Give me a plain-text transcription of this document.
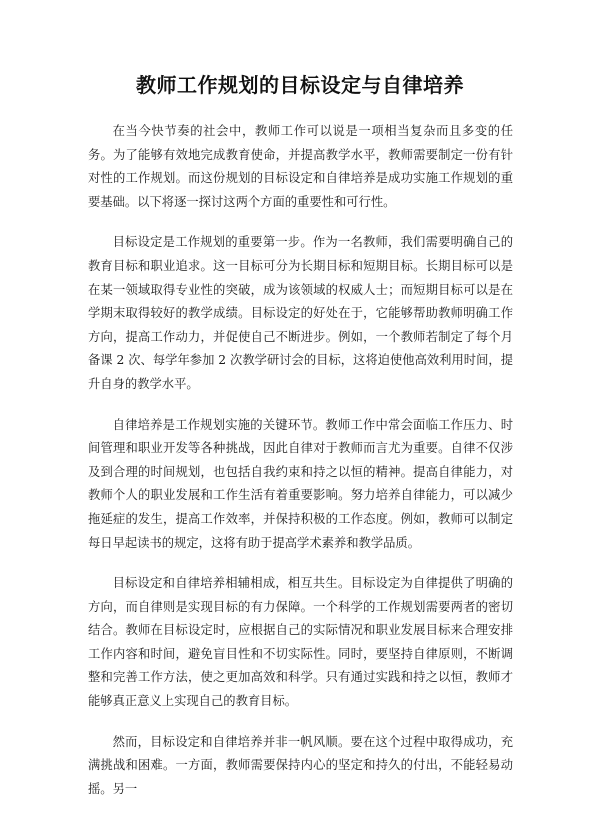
教师工作规划的目标设定与自律培养

在当今快节奏的社会中，教师工作可以说是一项相当复杂而且多变的任务。为了能够有效地完成教育使命，并提高教学水平，教师需要制定一份有针对性的工作规划。而这份规划的目标设定和自律培养是成功实施工作规划的重要基础。以下将逐一探讨这两个方面的重要性和可行性。

目标设定是工作规划的重要第一步。作为一名教师，我们需要明确自己的教育目标和职业追求。这一目标可分为长期目标和短期目标。长期目标可以是在某一领域取得专业性的突破，成为该领域的权威人士；而短期目标可以是在学期末取得较好的教学成绩。目标设定的好处在于，它能够帮助教师明确工作方向，提高工作动力，并促使自己不断进步。例如，一个教师若制定了每个月备课 2 次、每学年参加 2 次教学研讨会的目标，这将迫使他高效利用时间，提升自身的教学水平。

自律培养是工作规划实施的关键环节。教师工作中常会面临工作压力、时间管理和职业开发等各种挑战，因此自律对于教师而言尤为重要。自律不仅涉及到合理的时间规划，也包括自我约束和持之以恒的精神。提高自律能力，对教师个人的职业发展和工作生活有着重要影响。努力培养自律能力，可以减少拖延症的发生，提高工作效率，并保持积极的工作态度。例如，教师可以制定每日早起读书的规定，这将有助于提高学术素养和教学品质。

目标设定和自律培养相辅相成，相互共生。目标设定为自律提供了明确的方向，而自律则是实现目标的有力保障。一个科学的工作规划需要两者的密切结合。教师在目标设定时，应根据自己的实际情况和职业发展目标来合理安排工作内容和时间，避免盲目性和不切实际性。同时，要坚持自律原则，不断调整和完善工作方法，使之更加高效和科学。只有通过实践和持之以恒，教师才能够真正意义上实现自己的教育目标。

然而，目标设定和自律培养并非一帆风顺。要在这个过程中取得成功，充满挑战和困难。一方面，教师需要保持内心的坚定和持久的付出，不能轻易动摇。另一
